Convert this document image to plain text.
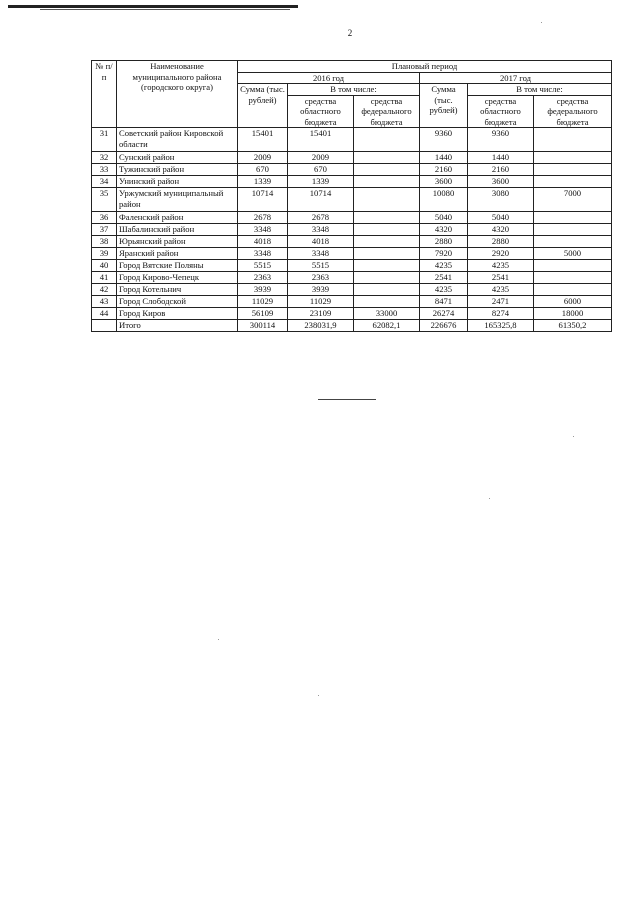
2
№ п/п	Наименование муниципального района (городского округа)	Плановый период					
		2016 год			2017 год		
		Сумма (тыс. рублей)	В том числе:		Сумма (тыс. рублей)	В том числе:	
			средства областного бюджета	средства федерального бюджета		средства областного бюджета	средства федерального бюджета
31	Советский район Кировской области	15401	15401		9360	9360	
32	Сунский район	2009	2009		1440	1440	
33	Тужинский район	670	670		2160	2160	
34	Унинский район	1339	1339		3600	3600	
35	Уржумский муниципальный район	10714	10714		10080	3080	7000
36	Фаленский район	2678	2678		5040	5040	
37	Шабалинский район	3348	3348		4320	4320	
38	Юрьянский район	4018	4018		2880	2880	
39	Яранский район	3348	3348		7920	2920	5000
40	Город Вятские Поляны	5515	5515		4235	4235	
41	Город Кирово-Чепецк	2363	2363		2541	2541	
42	Город Котельнич	3939	3939		4235	4235	
43	Город Слободской	11029	11029		8471	2471	6000
44	Город Киров	56109	23109	33000	26274	8274	18000
	Итого	300114	238031,9	62082,1	226676	165325,8	61350,2
